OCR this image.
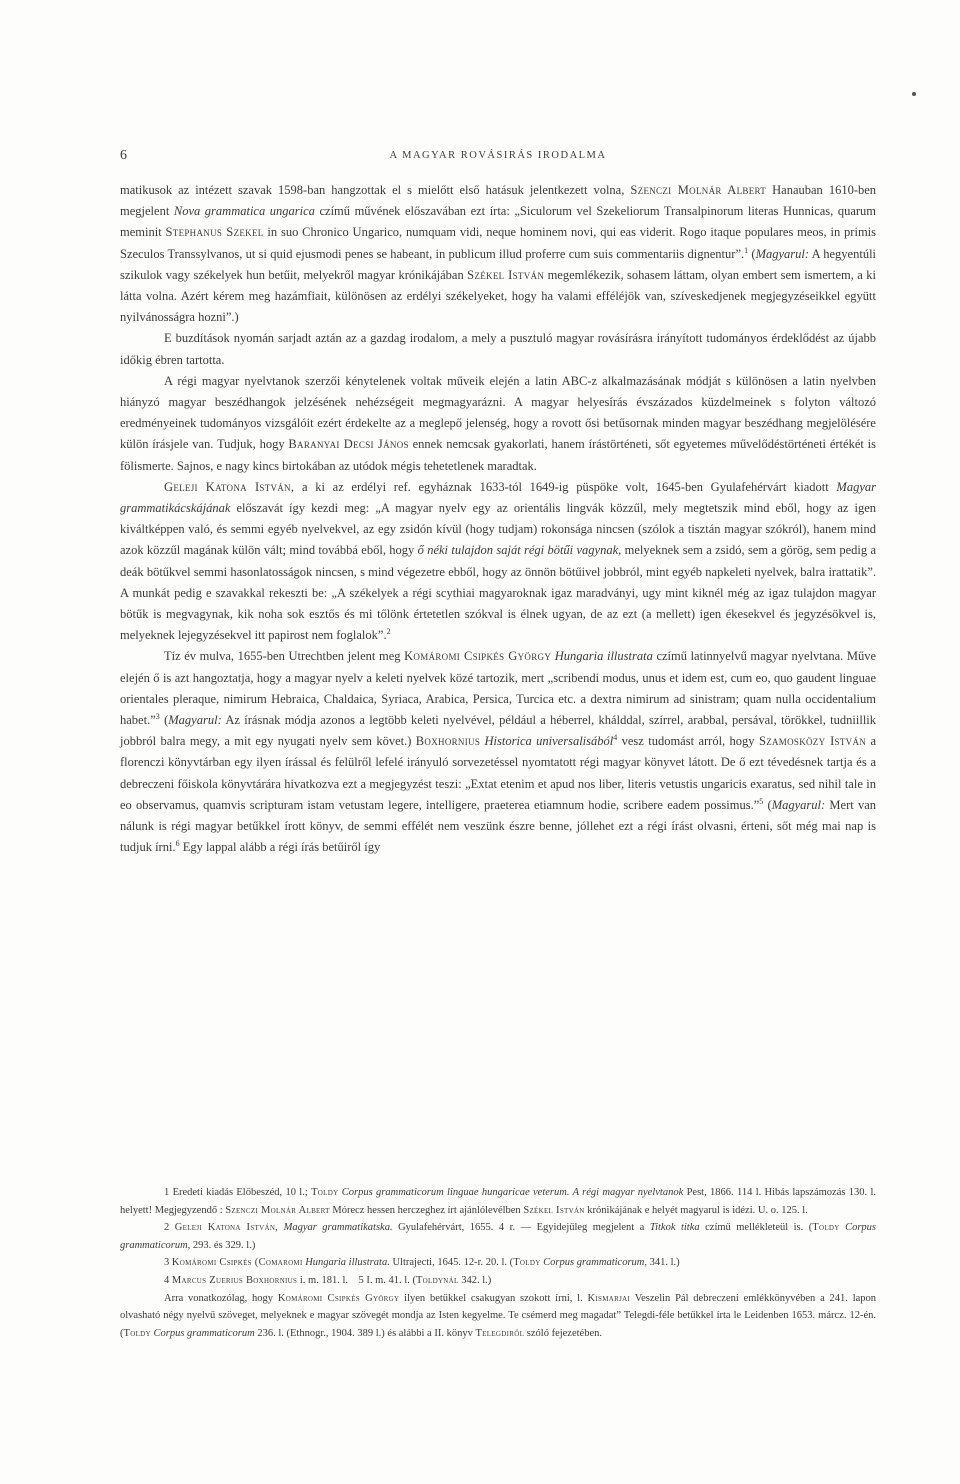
6	A MAGYAR ROVÁSIRÁS IRODALMA

matikusok az intézett szavak 1598-ban hangzottak el s mielőtt első hatásuk jelentkezett volna, Szenczi Molnár Albert Hanauban 1610-ben megjelent Nova grammatica ungarica czímű művének előszavában ezt írta: „Siculorum vel Szekeliorum Transalpinorum literas Hunnicas, quarum meminit Stephanus Szekel in suo Chronico Ungarico, numquam vidi, neque hominem novi, qui eas viderit. Rogo itaque populares meos, in primis Szeculos Transsylvanos, ut si quid ejusmodi penes se habeant, in publicum illud proferre cum suis commentariis dignentur”.$^1$ (Magyarul: A hegyentúli szikulok vagy székelyek hun betűit, melyekről magyar krónikájában Székel István megemlékezik, sohasem láttam, olyan embert sem ismertem, a ki látta volna. Azért kérem meg hazámfiait, különösen az erdélyi székelyeket, hogy ha valami efféléjök van, szíveskedjenek megjegyzéseikkel együtt nyilvánosságra hozni”.)

E buzdítások nyomán sarjadt aztán az a gazdag irodalom, a mely a pusztuló magyar rovásírásra irányított tudományos érdeklődést az újabb időkig ébren tartotta.

A régi magyar nyelvtanok szerzői kénytelenek voltak műveik elején a latin ABC-z alkalmazásának módját s különösen a latin nyelvben hiányzó magyar beszédhangok jelzésének nehézségeit megmagyarázni. A magyar helyesírás évszázados küzdelmeinek s folyton változó eredményeinek tudományos vizsgálóit ezért érdekelte az a meglepő jelenség, hogy a rovott ősi betűsornak minden magyar beszédhang megjelölésére külön írásjele van. Tudjuk, hogy Baranyai Decsi János ennek nemcsak gyakorlati, hanem írástörténeti, sőt egyetemes művelődéstörténeti értékét is fölismerte. Sajnos, e nagy kincs birtokában az utódok mégis tehetetlenek maradtak.

Geleji Katona István, a ki az erdélyi ref. egyháznak 1633-tól 1649-ig püspöke volt, 1645-ben Gyulafehérvárt kiadott Magyar grammatikácskájának előszavát így kezdi meg: „A magyar nyelv egy az orientális lingvák közzűl, mely megtetszik mind eből, hogy az igen kiváltképpen való, és semmi egyéb nyelvekvel, az egy zsidón kívül (hogy tudjam) rokonsága nincsen (szólok a tisztán magyar szókról), hanem mind azok közzűl magának külön vált; mind továbbá eből, hogy ő néki tulajdon saját régi bötűi vagynak, melyeknek sem a zsidó, sem a görög, sem pedig a deák bötűkvel semmi hasonlatosságok nincsen, s mind végezetre ebből, hogy az önnön bötűivel jobbról, mint egyéb napkeleti nyelvek, balra irattatik”. A munkát pedig e szavakkal rekeszti be: „A székelyek a régi scythiai magyaroknak igaz maradványi, ugy mint kiknél még az igaz tulajdon magyar bötűk is megvagynak, kik noha sok esztős és mi tőlönk értetetlen szókval is élnek ugyan, de az ezt (a mellett) igen ékesekvel és jegyzésökvel is, melyeknek lejegyzésekvel itt papirost nem foglalok”.$^2$

Tíz év mulva, 1655-ben Utrechtben jelent meg Komáromi Csipkés György Hungaria illustrata czímű latinnyelvű magyar nyelvtana. Műve elején ő is azt hangoztatja, hogy a magyar nyelv a keleti nyelvek közé tartozik, mert „scribendi modus, unus et idem est, cum eo, quo gaudent linguae orientales pleraque, nimirum Hebraica, Chaldaica, Syriaca, Arabica, Persica, Turcica etc. a dextra nimirum ad sinistram; quam nulla occidentalium habet.”$^3$ (Magyarul: Az írásnak módja azonos a legtöbb keleti nyelvével, például a héberrel, khálddal, szírrel, arabbal, persával, törökkel, tudniillik jobbról balra megy, a mit egy nyugati nyelv sem követ.) Boxhornius Historica universalisából$^4$ vesz tudomást arról, hogy Szamosközy István a florenczi könyvtárban egy ilyen írással és felülről lefelé irányuló sorvezetéssel nyomtatott régi magyar könyvet látott. De ő ezt tévedésnek tartja és a debreczeni főiskola könyvtárára hivatkozva ezt a megjegyzést teszi: „Extat etenim et apud nos liber, literis vetustis ungaricis exaratus, sed nihil tale in eo observamus, quamvis scripturam istam vetustam legere, intelligere, praeterea etiamnum hodie, scribere eadem possimus.”$^5$ (Magyarul: Mert van nálunk is régi magyar betűkkel írott könyv, de semmi effélét nem veszünk észre benne, jóllehet ezt a régi írást olvasni, érteni, sőt még mai nap is tudjuk írni.$^6$ Egy lappal alább a régi írás betűiről így

1 Eredeti kiadás Előbeszéd, 10 l.; Toldy Corpus grammaticorum linguae hungaricae veterum. A régi magyar nyelvtanok Pest, 1866. 114 l. Hibás lapszámozás 130. l. helyett! Megjegyzendő : Szenczi Molnár Albert Mórecz hessen herczeghez írt ajánlólevélben Székel István krónikájának e helyét magyarul is idézi. U. o. 125. l.

2 Geleji Katona István, Magyar grammatikatska. Gyulafehérvárt, 1655. 4 r. — Egyidejűleg megjelent a Titkok titka czímű mellékleteül is. (Toldy Corpus grammaticorum, 293. és 329. l.)

3 Komáromi Csipkés (Comaromi Hungaria illustrata. Ultrajecti, 1645. 12-r. 20. l. (Toldy Corpus grammaticorum, 341. l.)

4 Marcus Zuerius Boxhornius i. m. 181. l. 5 I. m. 41. l. (Toldynál 342. l.)

Arra vonatkozólag, hogy Komáromi Csipkés György ilyen betűkkel csakugyan szokott írni, l. Kismarjai Veszelin Pál debreczeni emlékkönyvében a 241. lapon olvasható négy nyelvű szöveget, melyeknek e magyar szövegét mondja az Isten kegyelme. Te csémerd meg magadat” Telegdi-féle betűkkel írta le Leidenben 1653. márcz. 12-én. (Toldy Corpus grammaticorum 236. l. (Ethnogr., 1904. 389 l.) és alábbi a II. könyv Telegdiről szóló fejezetében.
